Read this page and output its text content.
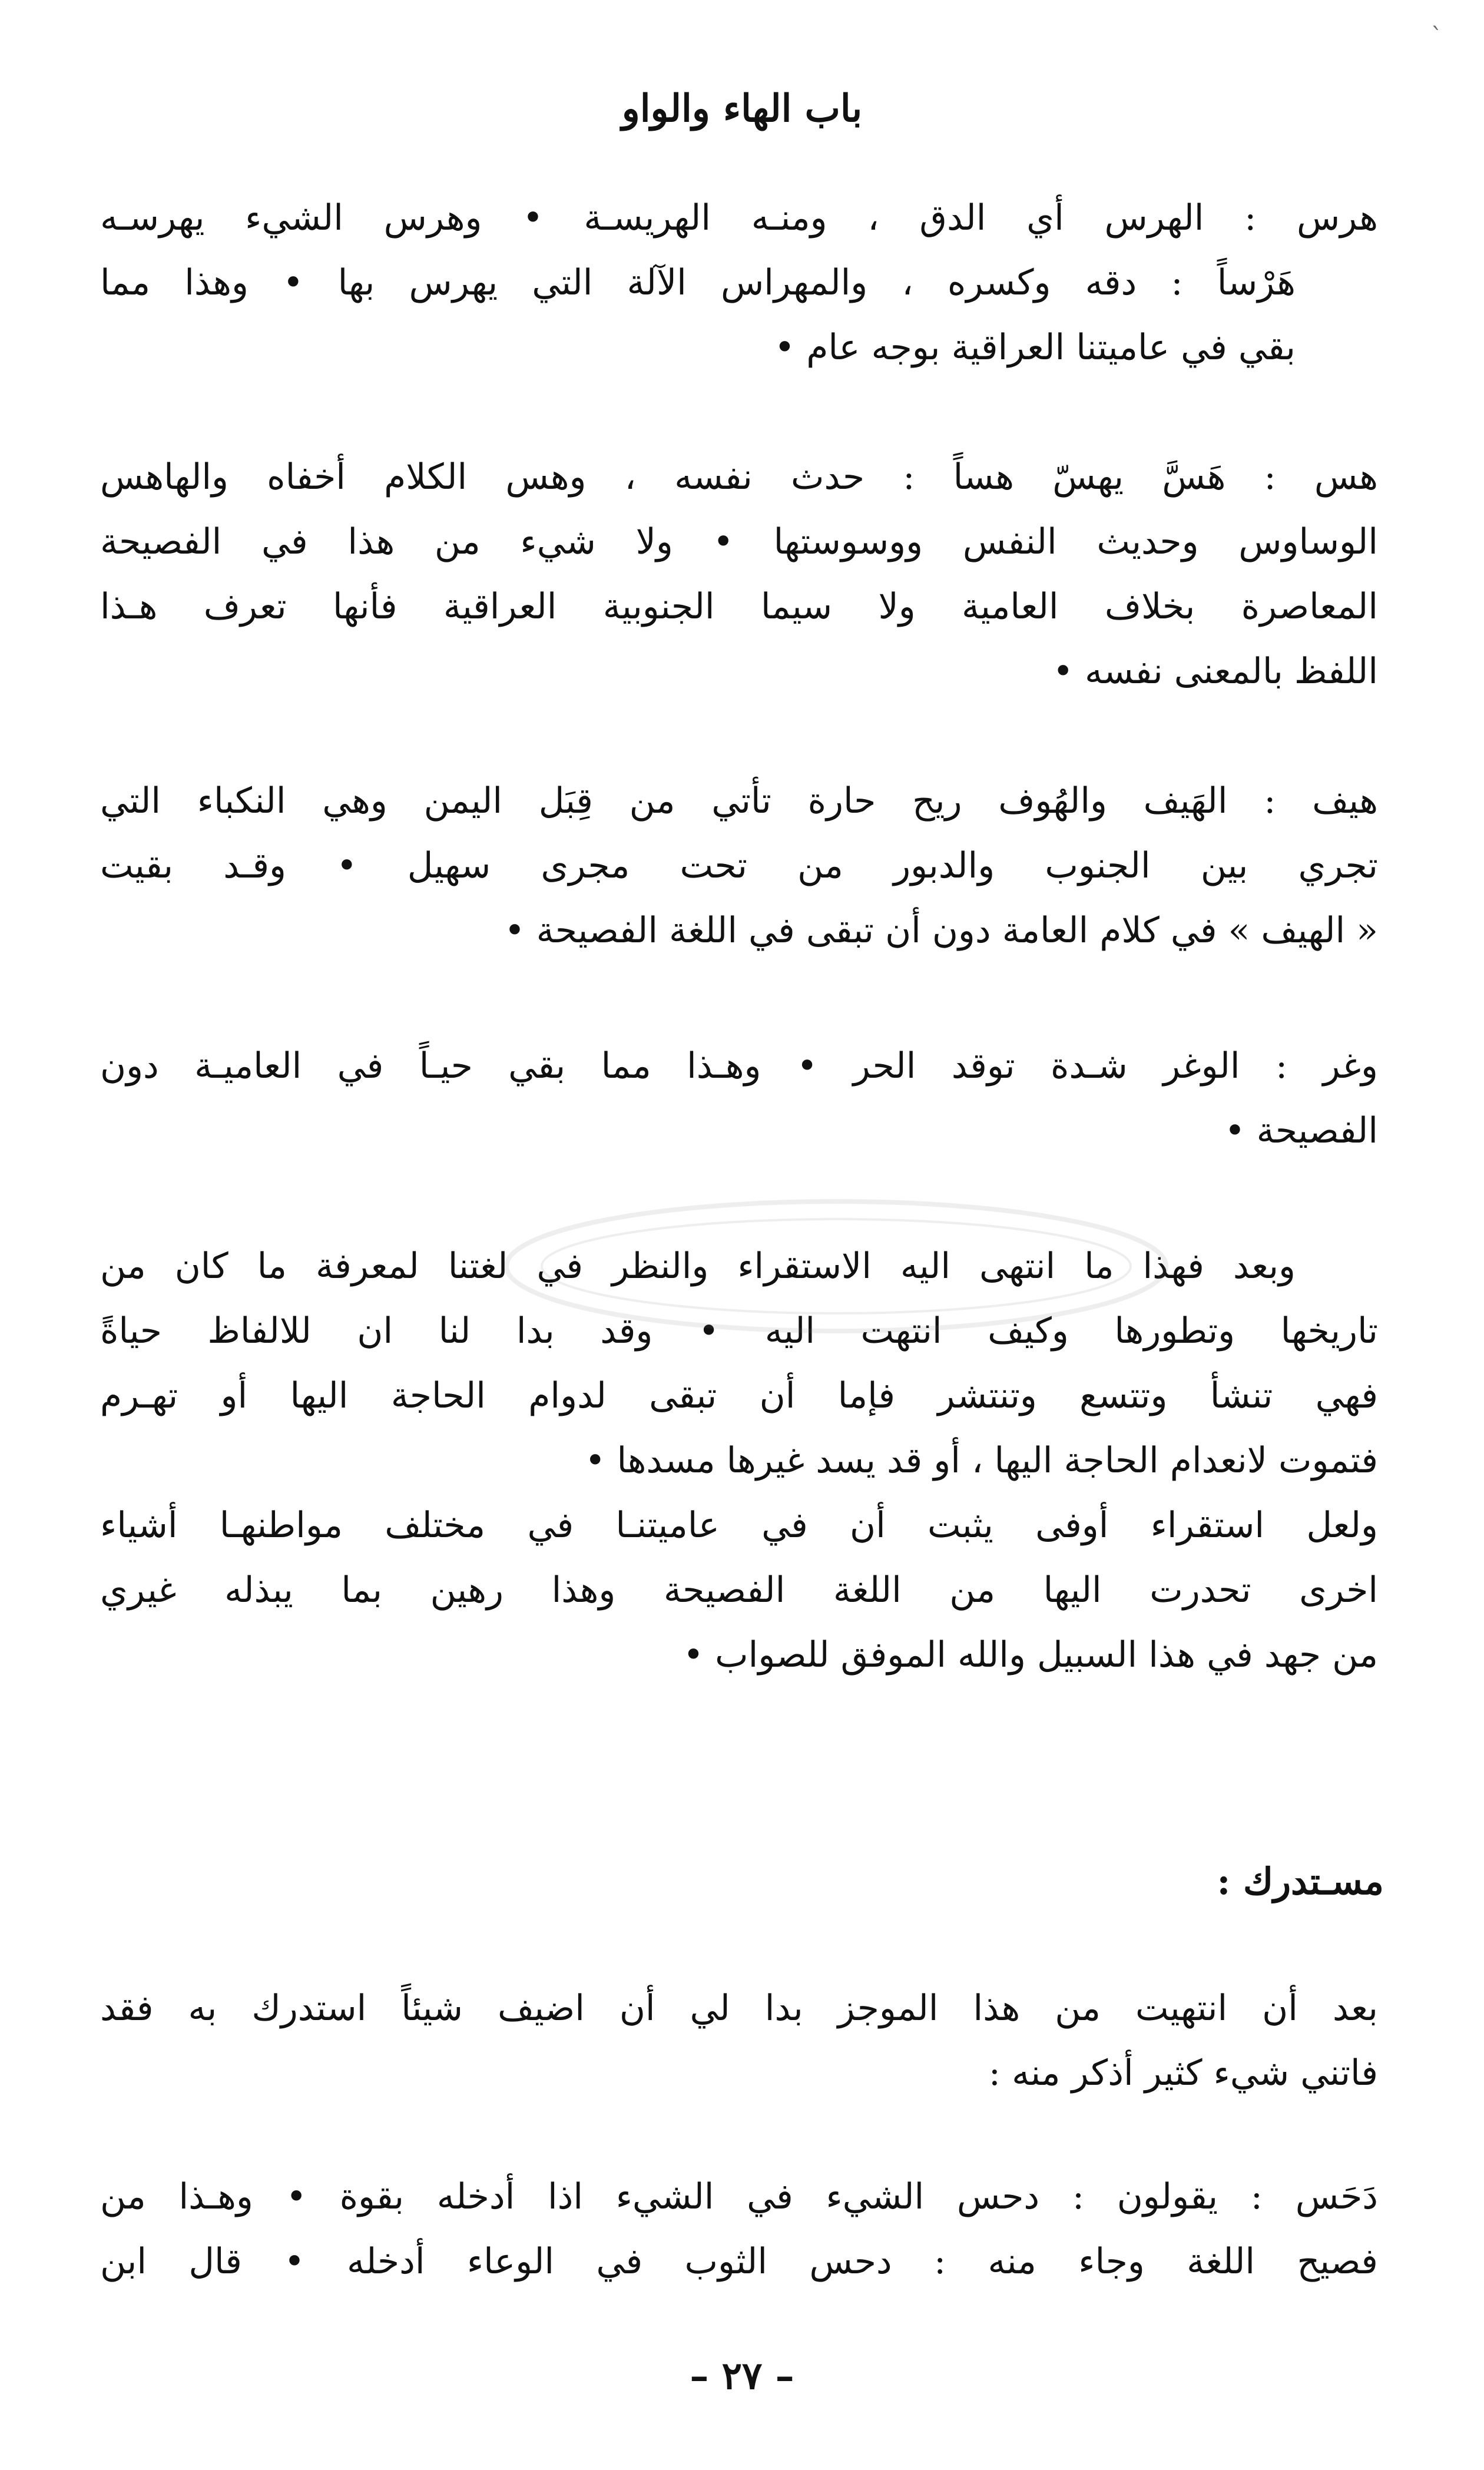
ˋ
باب الهاء والواو
هرس : الهرس أي الدق ، ومنـه الهريسـة • وهرس الشيء يهرسـه
هَرْساً : دقه وكسره ، والمهراس الآلة التي يهرس بها • وهذا مما
بقي في عاميتنا العراقية بوجه عام •
هس : هَسَّ يهسّ هساً : حدث نفسه ، وهس الكلام أخفاه والهاهس
الوساوس وحديث النفس ووسوستها • ولا شيء من هذا في الفصيحة
المعاصرة بخلاف العامية ولا سيما الجنوبية العراقية فأنها تعرف هـذا
اللفظ بالمعنى نفسه •
هيف : الهَيف والهُوف ريح حارة تأتي من قِبَل اليمن وهي النكباء التي
تجري بين الجنوب والدبور من تحت مجرى سهيل • وقـد بقيت
« الهيف » في كلام العامة دون أن تبقى في اللغة الفصيحة •
وغر : الوغر شـدة توقد الحر • وهـذا مما بقي حيـاً في العاميـة دون
الفصيحة •
وبعد فهذا ما انتهى اليه الاستقراء والنظر في لغتنا لمعرفة ما كان من
تاريخها وتطورها وكيف انتهت اليه • وقد بدا لنا ان للالفاظ حياةً
فهي تنشأ وتتسع وتنتشر فإما أن تبقى لدوام الحاجة اليها أو تهـرم
فتموت لانعدام الحاجة اليها ، أو قد يسد غيرها مسدها •
ولعل استقراء أوفى يثبت أن في عاميتنـا في مختلف مواطنهـا أشياء
اخرى تحدرت اليها من اللغة الفصيحة وهذا رهين بما يبذله غيري
من جهد في هذا السبيل والله الموفق للصواب •
مسـتدرك :
بعد أن انتهيت من هذا الموجز بدا لي أن اضيف شيئاً استدرك به فقد
فاتني شيء كثير أذكر منه :
دَحَس : يقولون : دحس الشيء في الشيء اذا أدخله بقوة • وهـذا من
فصيح اللغة وجاء منه : دحس الثوب في الوعاء أدخله • قال ابن
– ٢٧ –
